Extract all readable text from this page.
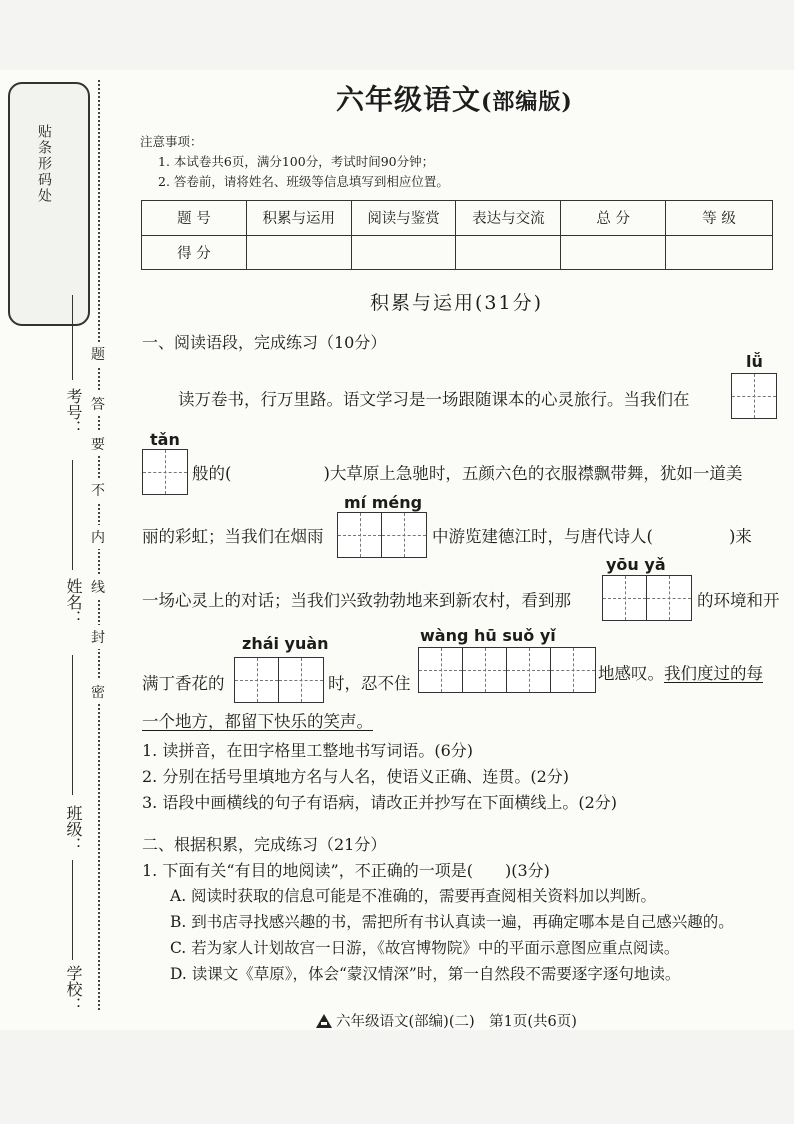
贴条形码处
考号：
姓名：
班级：
学校：
答
题
要
不
内
线
封
密
六年级语文(部编版)
注意事项：
1. 本试卷共6页，满分100分，考试时间90分钟；
2. 答卷前，请将姓名、班级等信息填写到相应位置。
题 号	积累与运用	阅读与鉴赏	表达与交流	总 分	等 级
得 分					
积累与运用(31分)
一、阅读语段，完成练习（10分）
lǚ
读万卷书，行万里路。语文学习是一场跟随课本的心灵旅行。当我们在
tǎn
般的(	)大草原上急驰时，五颜六色的衣服襟飘带舞，犹如一道美
mí méng
丽的彩虹；当我们在烟雨	中游览建德江时，与唐代诗人(	)来
yōu yǎ
一场心灵上的对话；当我们兴致勃勃地来到新农村，看到那	的环境和开
zhái yuàn	wàng hū suǒ yǐ
满丁香花的	时，忍不住
地感叹。我们度过的每
一个地方，都留下快乐的笑声。
1. 读拼音，在田字格里工整地书写词语。(6分)
2. 分别在括号里填地方名与人名，使语义正确、连贯。(2分)
3. 语段中画横线的句子有语病，请改正并抄写在下面横线上。(2分)
二、根据积累，完成练习（21分）
1. 下面有关“有目的地阅读”，不正确的一项是(　　)(3分)
A. 阅读时获取的信息可能是不准确的，需要再查阅相关资料加以判断。
B. 到书店寻找感兴趣的书，需把所有书认真读一遍，再确定哪本是自己感兴趣的。
C. 若为家人计划故宫一日游，《故宫博物院》中的平面示意图应重点阅读。
D. 读课文《草原》，体会“蒙汉情深”时，第一自然段不需要逐字逐句地读。
六年级语文(部编)(二)　第1页(共6页)
